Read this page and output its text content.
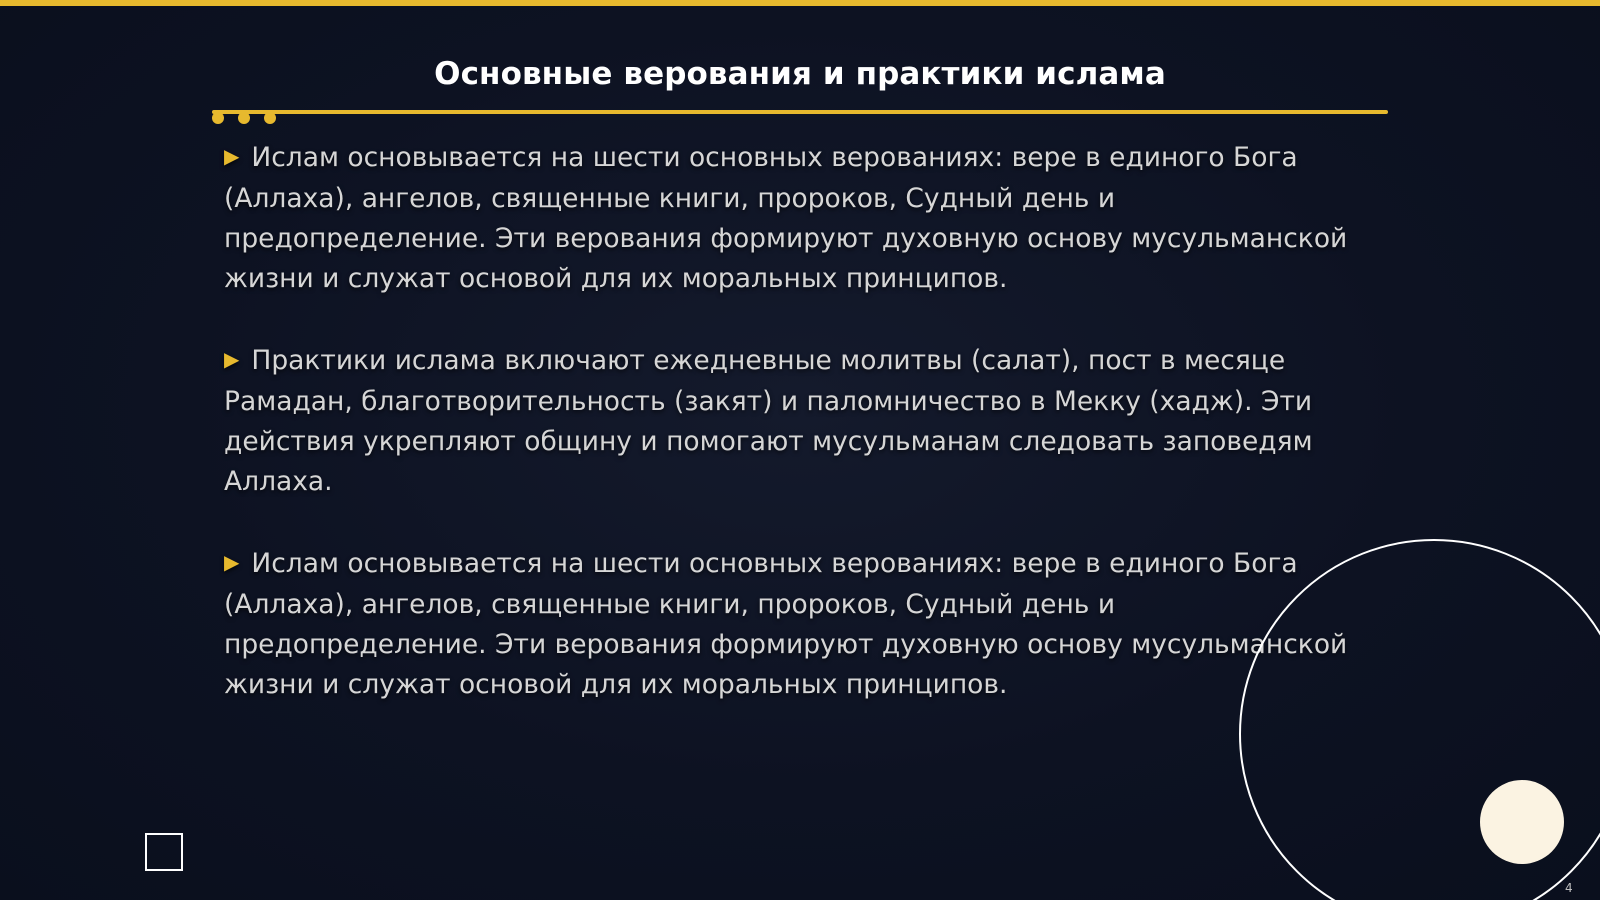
Основные верования и практики ислама
▶ Ислам основывается на шести основных верованиях: вере в единого Бога (Аллаха), ангелов, священные книги, пророков, Судный день и предопределение. Эти верования формируют духовную основу мусульманской жизни и служат основой для их моральных принципов.
▶ Практики ислама включают ежедневные молитвы (салат), пост в месяце Рамадан, благотворительность (закят) и паломничество в Мекку (хадж). Эти действия укрепляют общину и помогают мусульманам следовать заповедям Аллаха.
▶ Ислам основывается на шести основных верованиях: вере в единого Бога (Аллаха), ангелов, священные книги, пророков, Судный день и предопределение. Эти верования формируют духовную основу мусульманской жизни и служат основой для их моральных принципов.
4
